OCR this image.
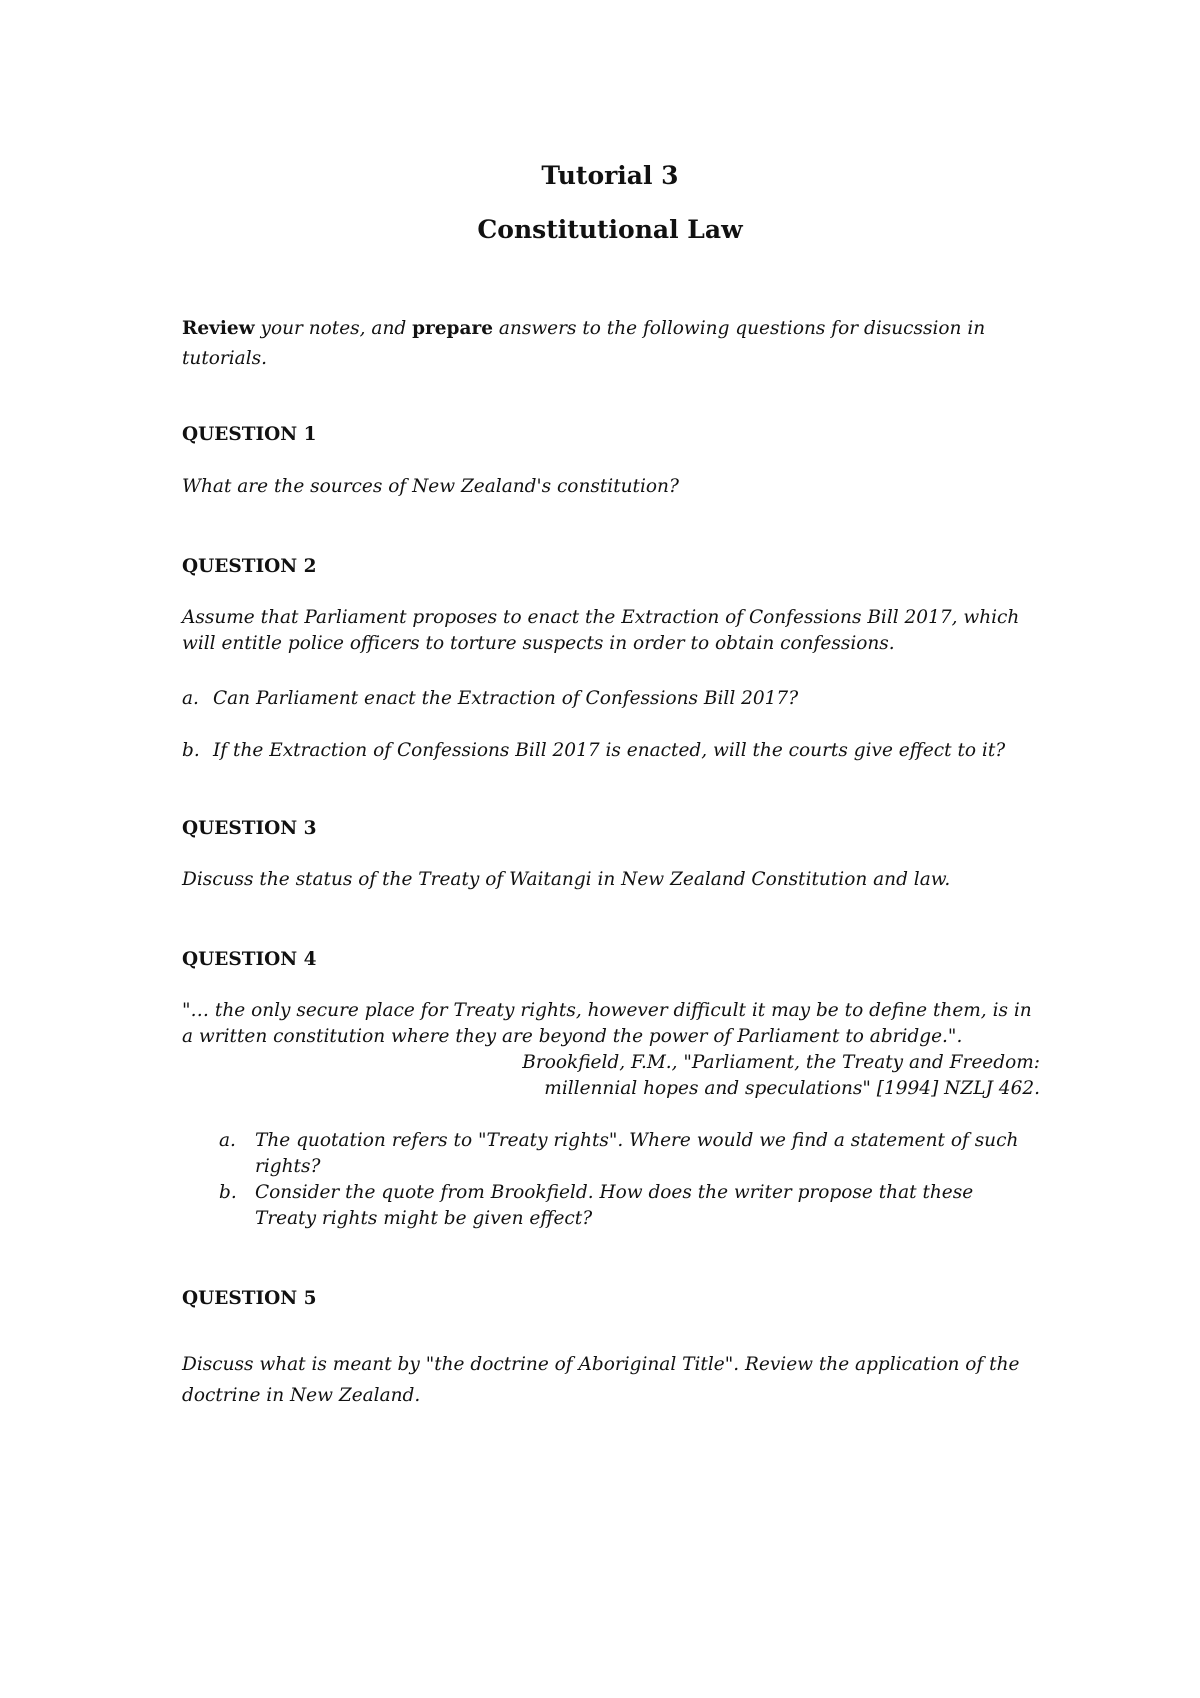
Tutorial 3
Constitutional Law

Review your notes, and prepare answers to the following questions for disucssion in tutorials.

QUESTION 1

What are the sources of New Zealand's constitution?

QUESTION 2

Assume that Parliament proposes to enact the Extraction of Confessions Bill 2017, which will entitle police officers to torture suspects in order to obtain confessions.

a. Can Parliament enact the Extraction of Confessions Bill 2017?
b. If the Extraction of Confessions Bill 2017 is enacted, will the courts give effect to it?
QUESTION 3

Discuss the status of the Treaty of Waitangi in New Zealand Constitution and law.

QUESTION 4

"… the only secure place for Treaty rights, however difficult it may be to define them, is in a written constitution where they are beyond the power of Parliament to abridge.".

Brookfield, F.M., "Parliament, the Treaty and Freedom: millennial hopes and speculations" [1994] NZLJ 462.

a.	The quotation refers to "Treaty rights". Where would we find a statement of such rights?
b. Consider the quote from Brookfield. How does the writer propose that these Treaty rights might be given effect?
QUESTION 5

Discuss what is meant by "the doctrine of Aboriginal Title". Review the application of the doctrine in New Zealand.
